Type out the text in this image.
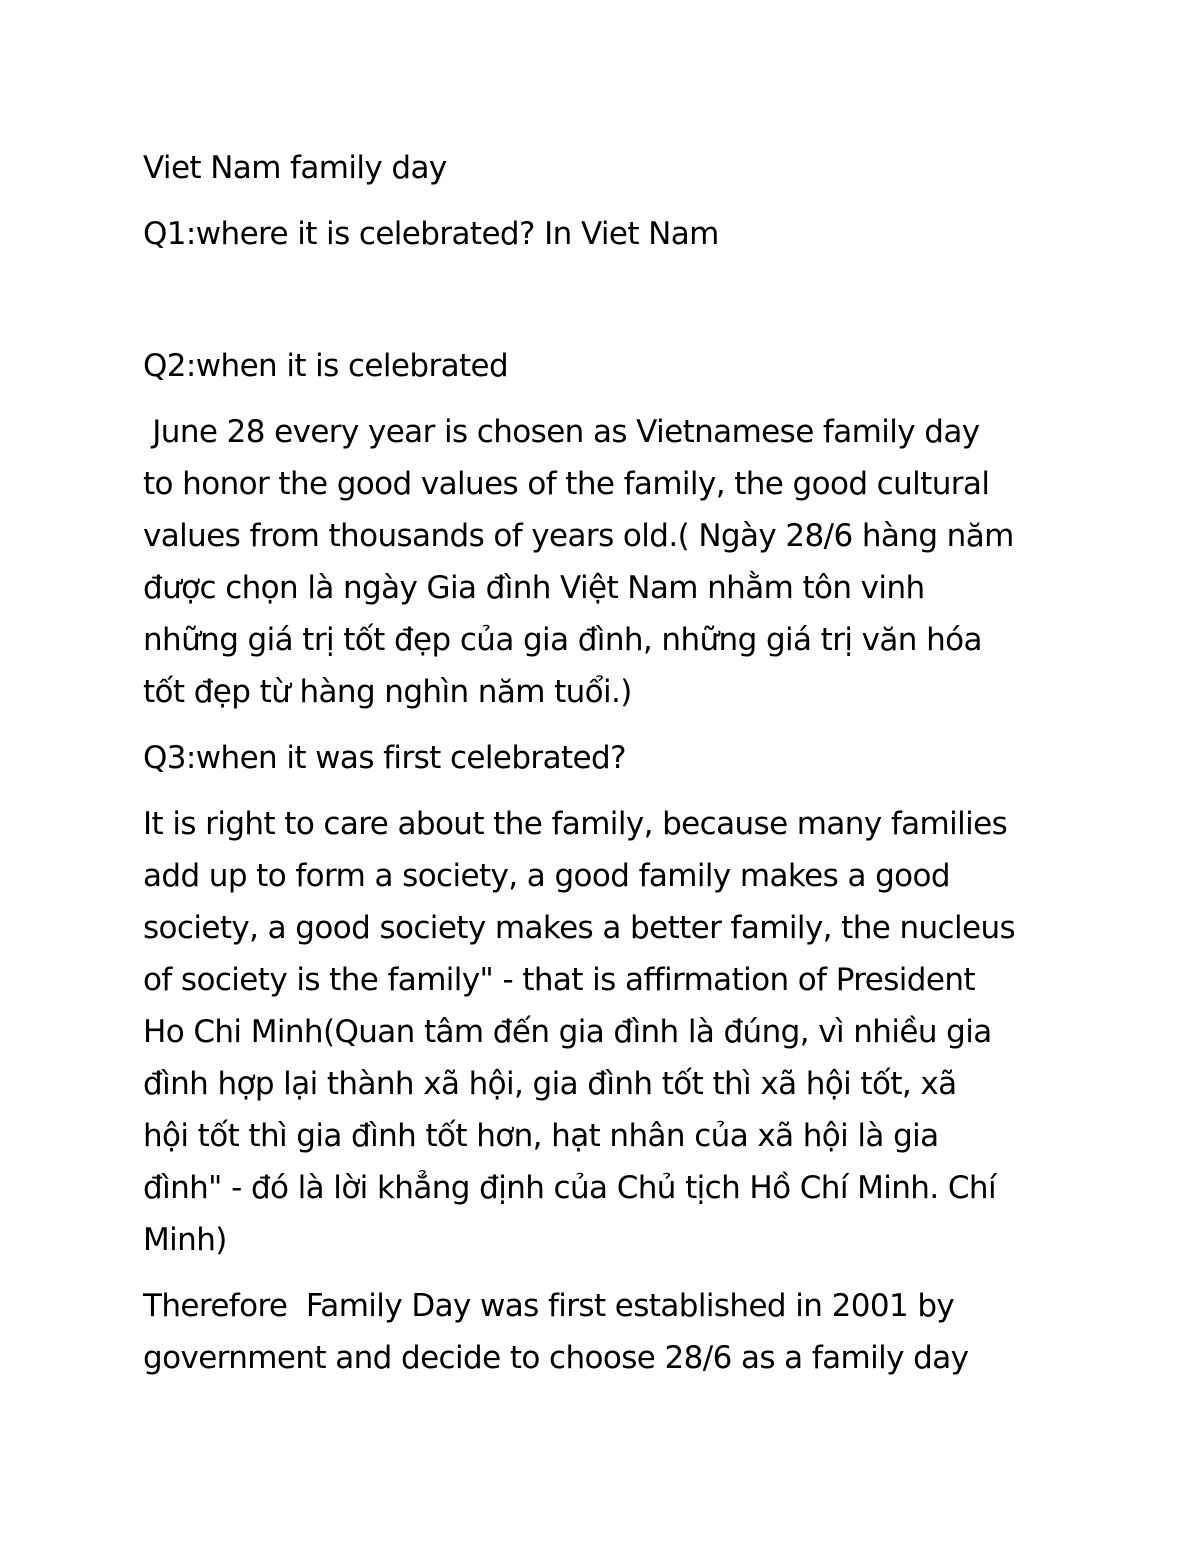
Viet Nam family day

Q1:where it is celebrated? In Viet Nam

Q2:when it is celebrated

June 28 every year is chosen as Vietnamese family day
to honor the good values of the family, the good cultural
values from thousands of years old.( Ngày 28/6 hàng năm
được chọn là ngày Gia đình Việt Nam nhằm tôn vinh
những giá trị tốt đẹp của gia đình, những giá trị văn hóa
tốt đẹp từ hàng nghìn năm tuổi.)

Q3:when it was first celebrated?

It is right to care about the family, because many families
add up to form a society, a good family makes a good
society, a good society makes a better family, the nucleus
of society is the family" - that is affirmation of President
Ho Chi Minh(Quan tâm đến gia đình là đúng, vì nhiều gia
đình hợp lại thành xã hội, gia đình tốt thì xã hội tốt, xã
hội tốt thì gia đình tốt hơn, hạt nhân của xã hội là gia
đình" - đó là lời khẳng định của Chủ tịch Hồ Chí Minh. Chí
Minh)

Therefore  Family Day was first established in 2001 by
government and decide to choose 28/6 as a family day
